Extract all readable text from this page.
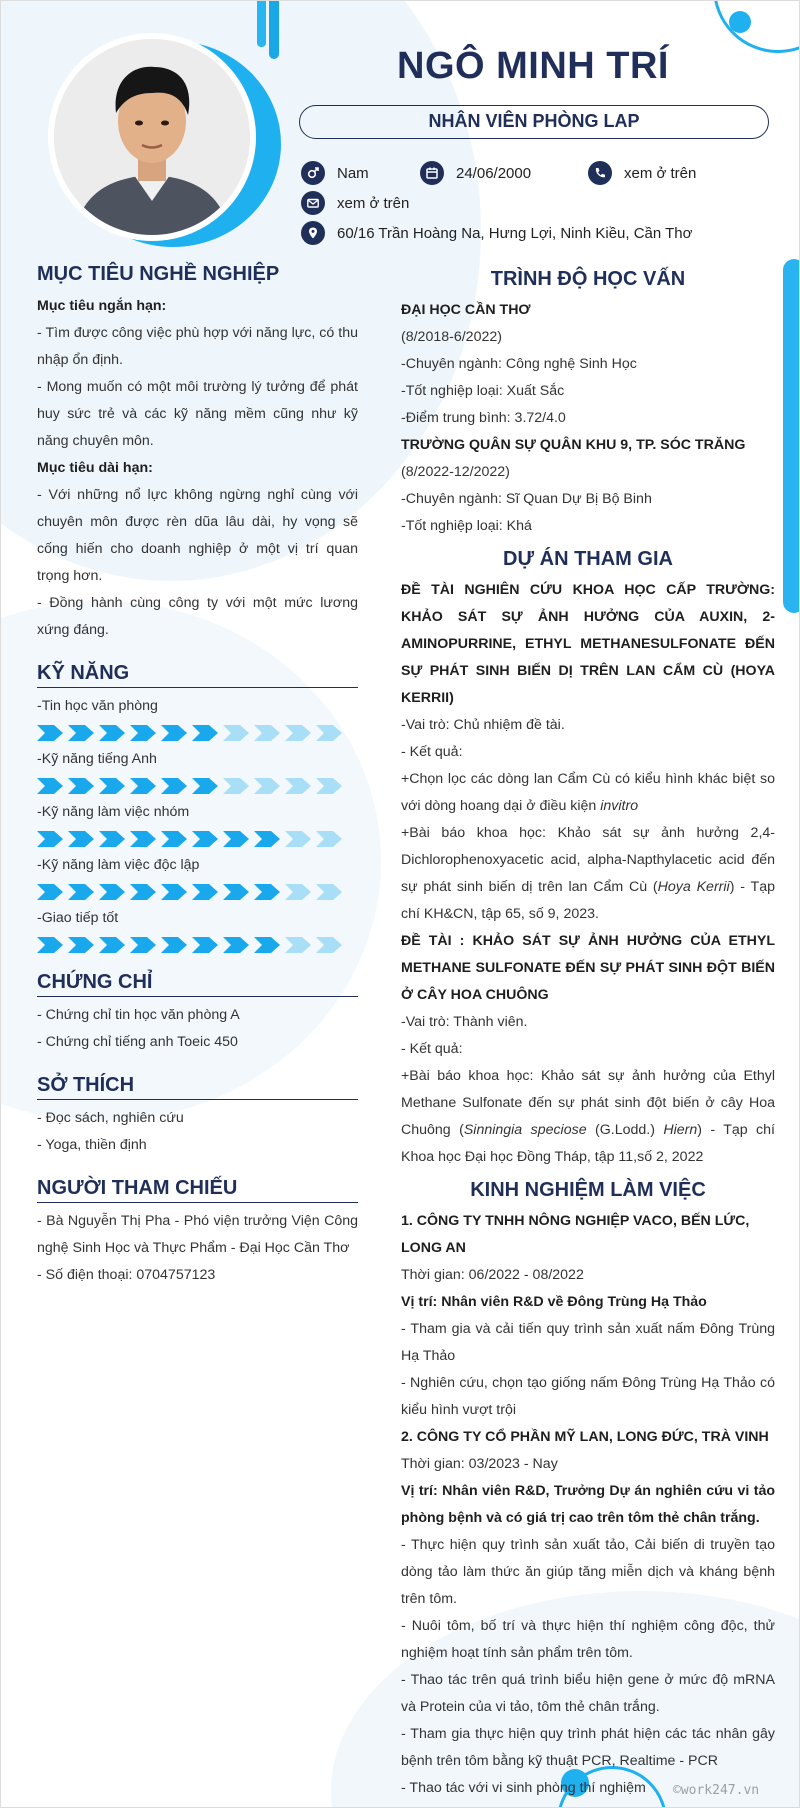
NGÔ MINH TRÍ
NHÂN VIÊN PHÒNG LAP
Nam	24/06/2000	xem ở trên
xem ở trên
60/16 Trần Hoàng Na, Hưng Lợi, Ninh Kiều, Cần Thơ
MỤC TIÊU NGHỀ NGHIỆP
Mục tiêu ngắn hạn:
- Tìm được công việc phù hợp với năng lực, có thu nhập ổn định.
- Mong muốn có một môi trường lý tưởng để phát huy sức trẻ và các kỹ năng mềm cũng như kỹ năng chuyên môn.
Mục tiêu dài hạn:
- Với những nổ lực không ngừng nghỉ cùng với chuyên môn được rèn dũa lâu dài, hy vọng sẽ cống hiến cho doanh nghiệp ở một vị trí quan trọng hơn.
- Đồng hành cùng công ty với một mức lương xứng đáng.
KỸ NĂNG
-Tin học văn phòng
-Kỹ năng tiếng Anh
-Kỹ năng làm việc nhóm
-Kỹ năng làm việc độc lập
-Giao tiếp tốt
CHỨNG CHỈ
- Chứng chỉ tin học văn phòng A
- Chứng chỉ tiếng anh Toeic 450
SỞ THÍCH
- Đọc sách, nghiên cứu
- Yoga, thiền định
NGƯỜI THAM CHIẾU
- Bà Nguyễn Thị Pha - Phó viện trưởng Viện Công nghệ Sinh Học và Thực Phẩm - Đại Học Cần Thơ
- Số điện thoại: 0704757123
TRÌNH ĐỘ HỌC VẤN
ĐẠI HỌC CẦN THƠ
(8/2018-6/2022)
-Chuyên ngành: Công nghệ Sinh Học
-Tốt nghiệp loại: Xuất Sắc
-Điểm trung bình: 3.72/4.0
TRƯỜNG QUÂN SỰ QUÂN KHU 9, TP. SÓC TRĂNG
(8/2022-12/2022)
-Chuyên ngành: Sĩ Quan Dự Bị Bộ Binh
-Tốt nghiệp loại: Khá
DỰ ÁN THAM GIA
ĐỀ TÀI NGHIÊN CỨU KHOA HỌC CẤP TRƯỜNG: KHẢO SÁT SỰ ẢNH HƯỞNG CỦA AUXIN, 2-AMINOPURRINE, ETHYL METHANESULFONATE ĐẾN SỰ PHÁT SINH BIẾN DỊ TRÊN LAN CẨM CÙ (HOYA KERRII)
-Vai trò: Chủ nhiệm đề tài.
- Kết quả:
+Chọn lọc các dòng lan Cẩm Cù có kiểu hình khác biệt so với dòng hoang dại ở điều kiện invitro
+Bài báo khoa học: Khảo sát sự ảnh hưởng 2,4-Dichlorophenoxyacetic acid, alpha-Napthylacetic acid đến sự phát sinh biến dị trên lan Cẩm Cù (Hoya Kerrii) - Tạp chí KH&CN, tập 65, số 9, 2023.
ĐỀ TÀI : KHẢO SÁT SỰ ẢNH HƯỞNG CỦA ETHYL METHANE SULFONATE ĐẾN SỰ PHÁT SINH ĐỘT BIẾN Ở CÂY HOA CHUÔNG
-Vai trò: Thành viên.
- Kết quả:
+Bài báo khoa học: Khảo sát sự ảnh hưởng của Ethyl Methane Sulfonate đến sự phát sinh đột biến ở cây Hoa Chuông (Sinningia speciose (G.Lodd.) Hiern) - Tạp chí Khoa học Đại học Đồng Tháp, tập 11,số 2, 2022
KINH NGHIỆM LÀM VIỆC
1. CÔNG TY TNHH NÔNG NGHIỆP VACO, BẾN LỨC, LONG AN
Thời gian: 06/2022 - 08/2022
Vị trí: Nhân viên R&D về Đông Trùng Hạ Thảo
- Tham gia và cải tiến quy trình sản xuất nấm Đông Trùng Hạ Thảo
- Nghiên cứu, chọn tạo giống nấm Đông Trùng Hạ Thảo có kiểu hình vượt trội
2. CÔNG TY CỔ PHẦN MỸ LAN, LONG ĐỨC, TRÀ VINH
Thời gian: 03/2023 - Nay
Vị trí: Nhân viên R&D, Trưởng Dự án nghiên cứu vi tảo phòng bệnh và có giá trị cao trên tôm thẻ chân trắng.
- Thực hiện quy trình sản xuất tảo, Cải biến di truyền tạo dòng tảo làm thức ăn giúp tăng miễn dịch và kháng bệnh trên tôm.
- Nuôi tôm, bố trí và thực hiện thí nghiệm công độc, thử nghiệm hoạt tính sản phẩm trên tôm.
- Thao tác trên quá trình biểu hiện gene ở mức độ mRNA và Protein của vi tảo, tôm thẻ chân trắng.
- Tham gia thực hiện quy trình phát hiện các tác nhân gây bệnh trên tôm bằng kỹ thuật PCR, Realtime - PCR
- Thao tác với vi sinh phòng thí nghiệm	©work247.vn
